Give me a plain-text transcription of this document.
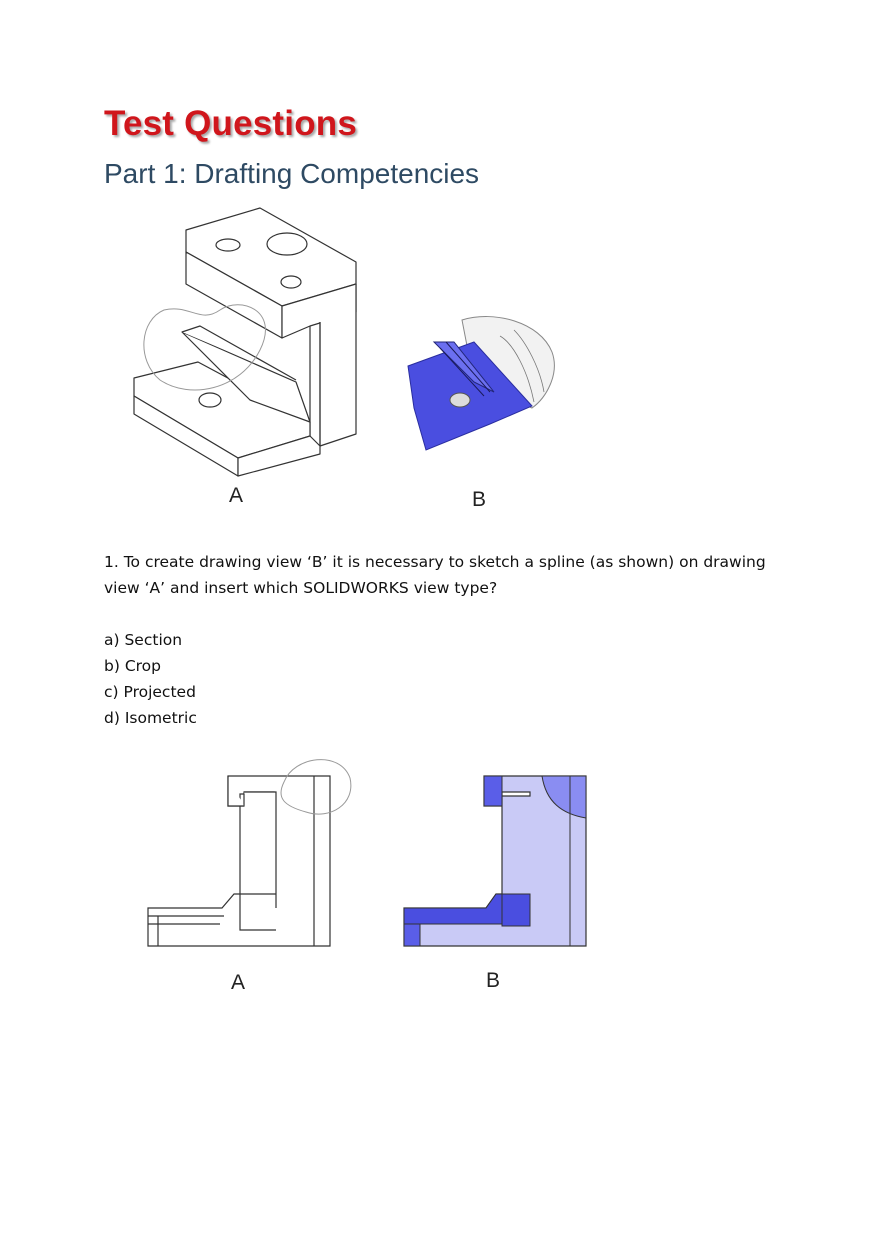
Test Questions
Part 1: Drafting Competencies
A	B
1. To create drawing view ‘B’ it is necessary to sketch a spline (as shown) on drawing view ‘A’ and insert which SOLIDWORKS view type?
a) Section
b) Crop
c) Projected
d) Isometric
A	B
